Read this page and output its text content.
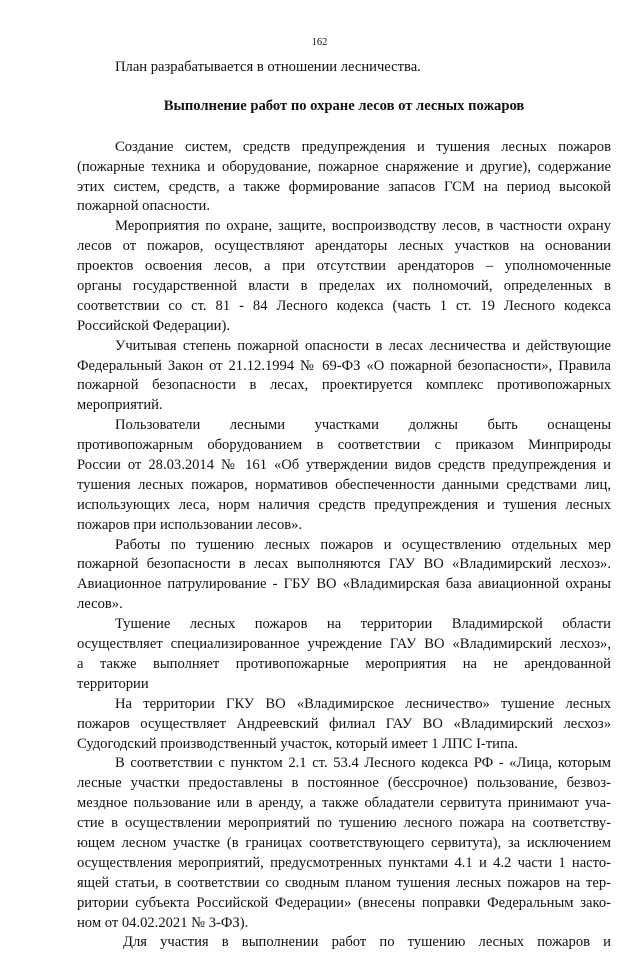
162
План разрабатывается в отношении лесничества.
Выполнение работ по охране лесов от лесных пожаров
Создание систем, средств предупреждения и тушения лесных пожаров
(пожарные техника и оборудование, пожарное снаряжение и другие), содержание
этих систем, средств, а также формирование запасов ГСМ на период высокой
пожарной опасности.
Мероприятия по охране, защите, воспроизводству лесов, в частности охрану
лесов от пожаров, осуществляют арендаторы лесных участков на основании
проектов освоения лесов, а при отсутствии арендаторов – уполномоченные
органы государственной власти в пределах их полномочий, определенных в
соответствии со ст. 81 - 84 Лесного кодекса (часть 1 ст. 19 Лесного кодекса
Российской Федерации).
Учитывая степень пожарной опасности в лесах лесничества и действующие
Федеральный Закон от 21.12.1994 № 69-ФЗ «О пожарной безопасности», Правила
пожарной безопасности в лесах, проектируется комплекс противопожарных
мероприятий.
Пользователи лесными участками должны быть оснащены
противопожарным оборудованием в соответствии с приказом Минприроды
России от 28.03.2014 № 161 «Об утверждении видов средств предупреждения и
тушения лесных пожаров, нормативов обеспеченности данными средствами лиц,
использующих леса, норм наличия средств предупреждения и тушения лесных
пожаров при использовании лесов».
Работы по тушению лесных пожаров и осуществлению отдельных мер
пожарной безопасности в лесах выполняются ГАУ ВО «Владимирский лесхоз».
Авиационное патрулирование - ГБУ ВО «Владимирская база авиационной охраны
лесов».
Тушение лесных пожаров на территории Владимирской области
осуществляет специализированное учреждение ГАУ ВО «Владимирский лесхоз»,
а также выполняет противопожарные мероприятия на не арендованной
территории
На территории ГКУ ВО «Владимирское лесничество» тушение лесных
пожаров осуществляет Андреевский филиал ГАУ ВО «Владимирский лесхоз»
Судогодский производственный участок, который имеет 1 ЛПС I-типа.
В соответствии с пунктом 2.1 ст. 53.4 Лесного кодекса РФ - «Лица, которым
лесные участки предоставлены в постоянное (бессрочное) пользование, безвоз-
мездное пользование или в аренду, а также обладатели сервитута принимают уча-
стие в осуществлении мероприятий по тушению лесного пожара на соответству-
ющем лесном участке (в границах соответствующего сервитута), за исключением
осуществления мероприятий, предусмотренных пунктами 4.1 и 4.2 части 1 насто-
ящей статьи, в соответствии со сводным планом тушения лесных пожаров на тер-
ритории субъекта Российской Федерации» (внесены поправки Федеральным зако-
ном от 04.02.2021 № 3-ФЗ).
Для участия в выполнении работ по тушению лесных пожаров и
